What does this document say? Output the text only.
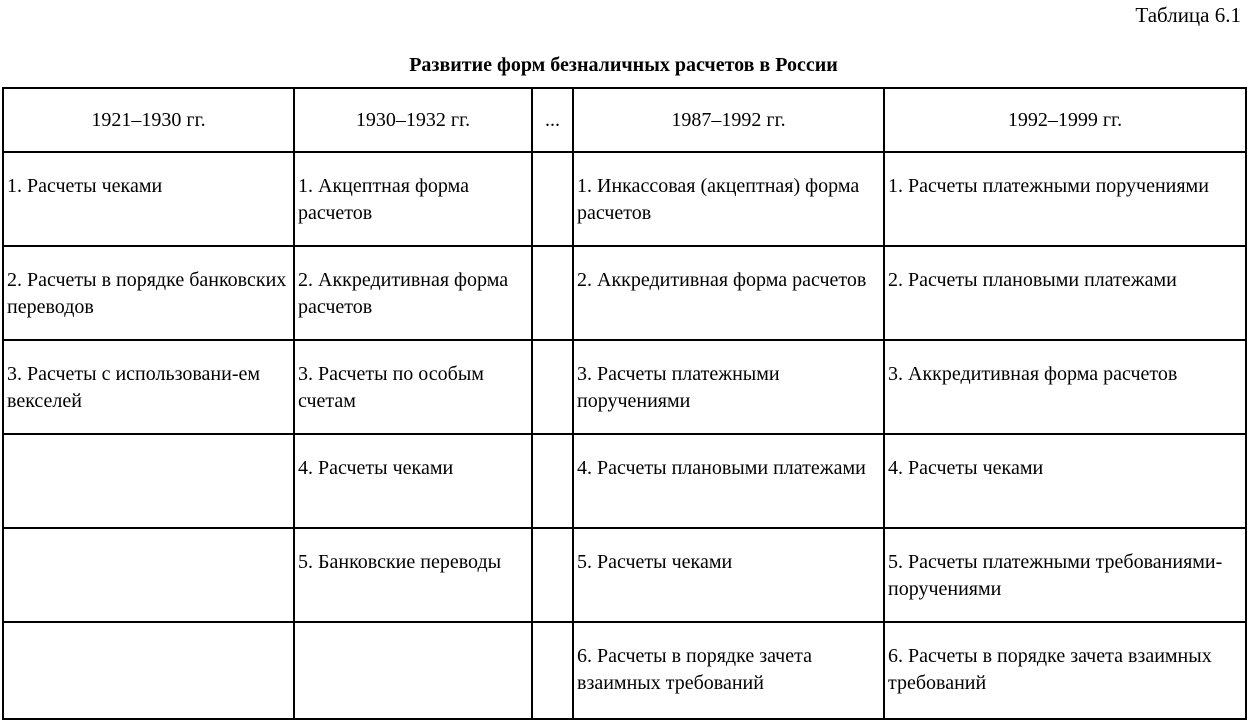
Таблица 6.1
Развитие форм безналичных расчетов в России
1921–1930 гг.	1930–1932 гг.	...	1987–1992 гг.	1992–1999 гг.
1. Расчеты чеками	1. Акцептная форма расчетов		1. Инкассовая (акцептная) форма расчетов	1. Расчеты платежными поручениями
2. Расчеты в порядке банковских переводов	2. Аккредитивная форма расчетов		2. Аккредитивная форма расчетов	2. Расчеты плановыми платежами
3. Расчеты с использовани-ем векселей	3. Расчеты по особым счетам		3. Расчеты платежными поручениями	3. Аккредитивная форма расчетов
	4. Расчеты чеками		4. Расчеты плановыми платежами	4. Расчеты чеками
	5. Банковские переводы		5. Расчеты чеками	5. Расчеты платежными требованиями-поручениями
			6. Расчеты в порядке зачета взаимных требований	6. Расчеты в порядке зачета взаимных требований
